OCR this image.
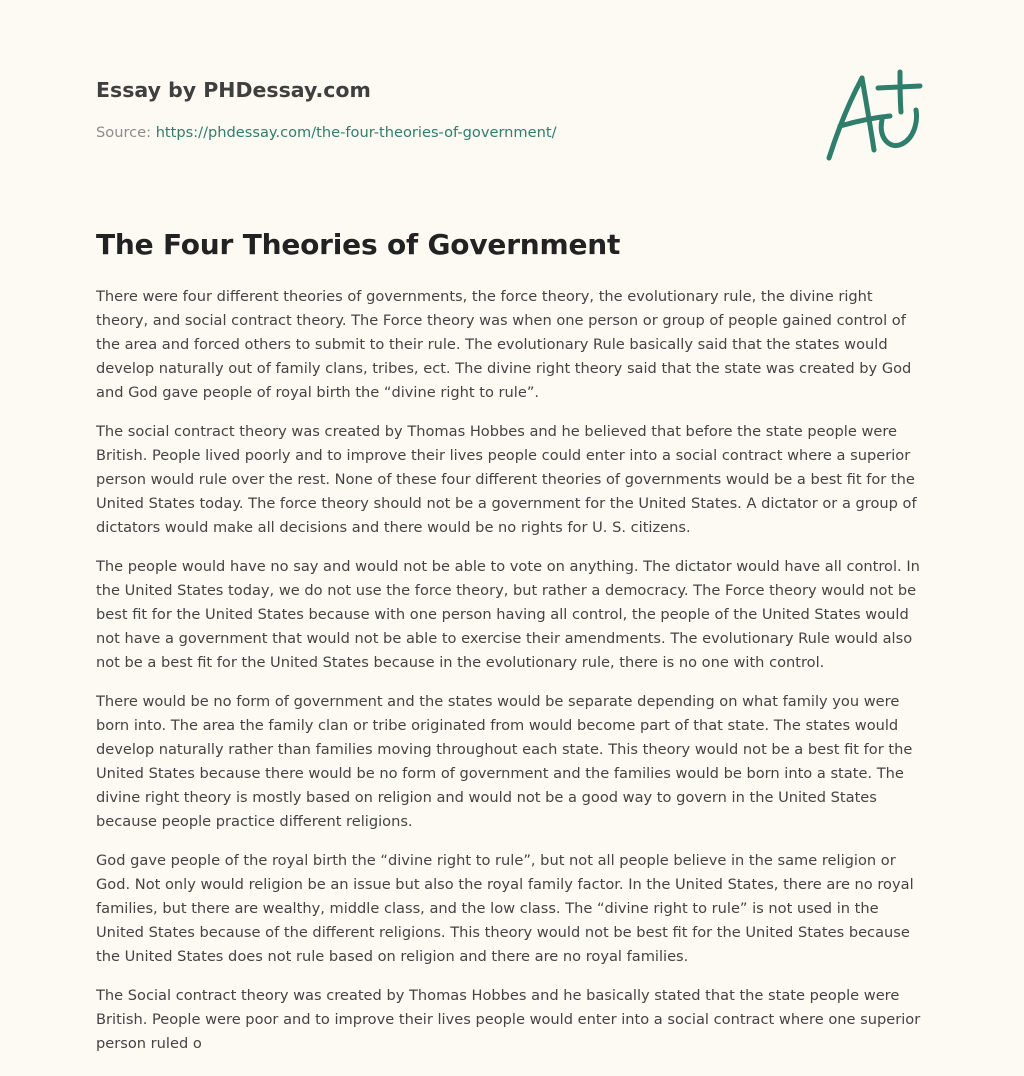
Essay by PHDessay.com
Source: https://phdessay.com/the-four-theories-of-government/
The Four Theories of Government

There were four different theories of governments, the force theory, the evolutionary rule, the divine right theory, and social contract theory. The Force theory was when one person or group of people gained control of the area and forced others to submit to their rule. The evolutionary Rule basically said that the states would develop naturally out of family clans, tribes, ect. The divine right theory said that the state was created by God and God gave people of royal birth the “divine right to rule”.

The social contract theory was created by Thomas Hobbes and he believed that before the state people were British. People lived poorly and to improve their lives people could enter into a social contract where a superior person would rule over the rest. None of these four different theories of governments would be a best fit for the United States today. The force theory should not be a government for the United States. A dictator or a group of dictators would make all decisions and there would be no rights for U. S. citizens.

The people would have no say and would not be able to vote on anything. The dictator would have all control. In the United States today, we do not use the force theory, but rather a democracy. The Force theory would not be best fit for the United States because with one person having all control, the people of the United States would not have a government that would not be able to exercise their amendments. The evolutionary Rule would also not be a best fit for the United States because in the evolutionary rule, there is no one with control.

There would be no form of government and the states would be separate depending on what family you were born into. The area the family clan or tribe originated from would become part of that state. The states would develop naturally rather than families moving throughout each state. This theory would not be a best fit for the United States because there would be no form of government and the families would be born into a state. The divine right theory is mostly based on religion and would not be a good way to govern in the United States because people practice different religions.

God gave people of the royal birth the “divine right to rule”, but not all people believe in the same religion or God. Not only would religion be an issue but also the royal family factor. In the United States, there are no royal families, but there are wealthy, middle class, and the low class. The “divine right to rule” is not used in the United States because of the different religions. This theory would not be best fit for the United States because the United States does not rule based on religion and there are no royal families.

The Social contract theory was created by Thomas Hobbes and he basically stated that the state people were British. People were poor and to improve their lives people would enter into a social contract where one superior person ruled o
